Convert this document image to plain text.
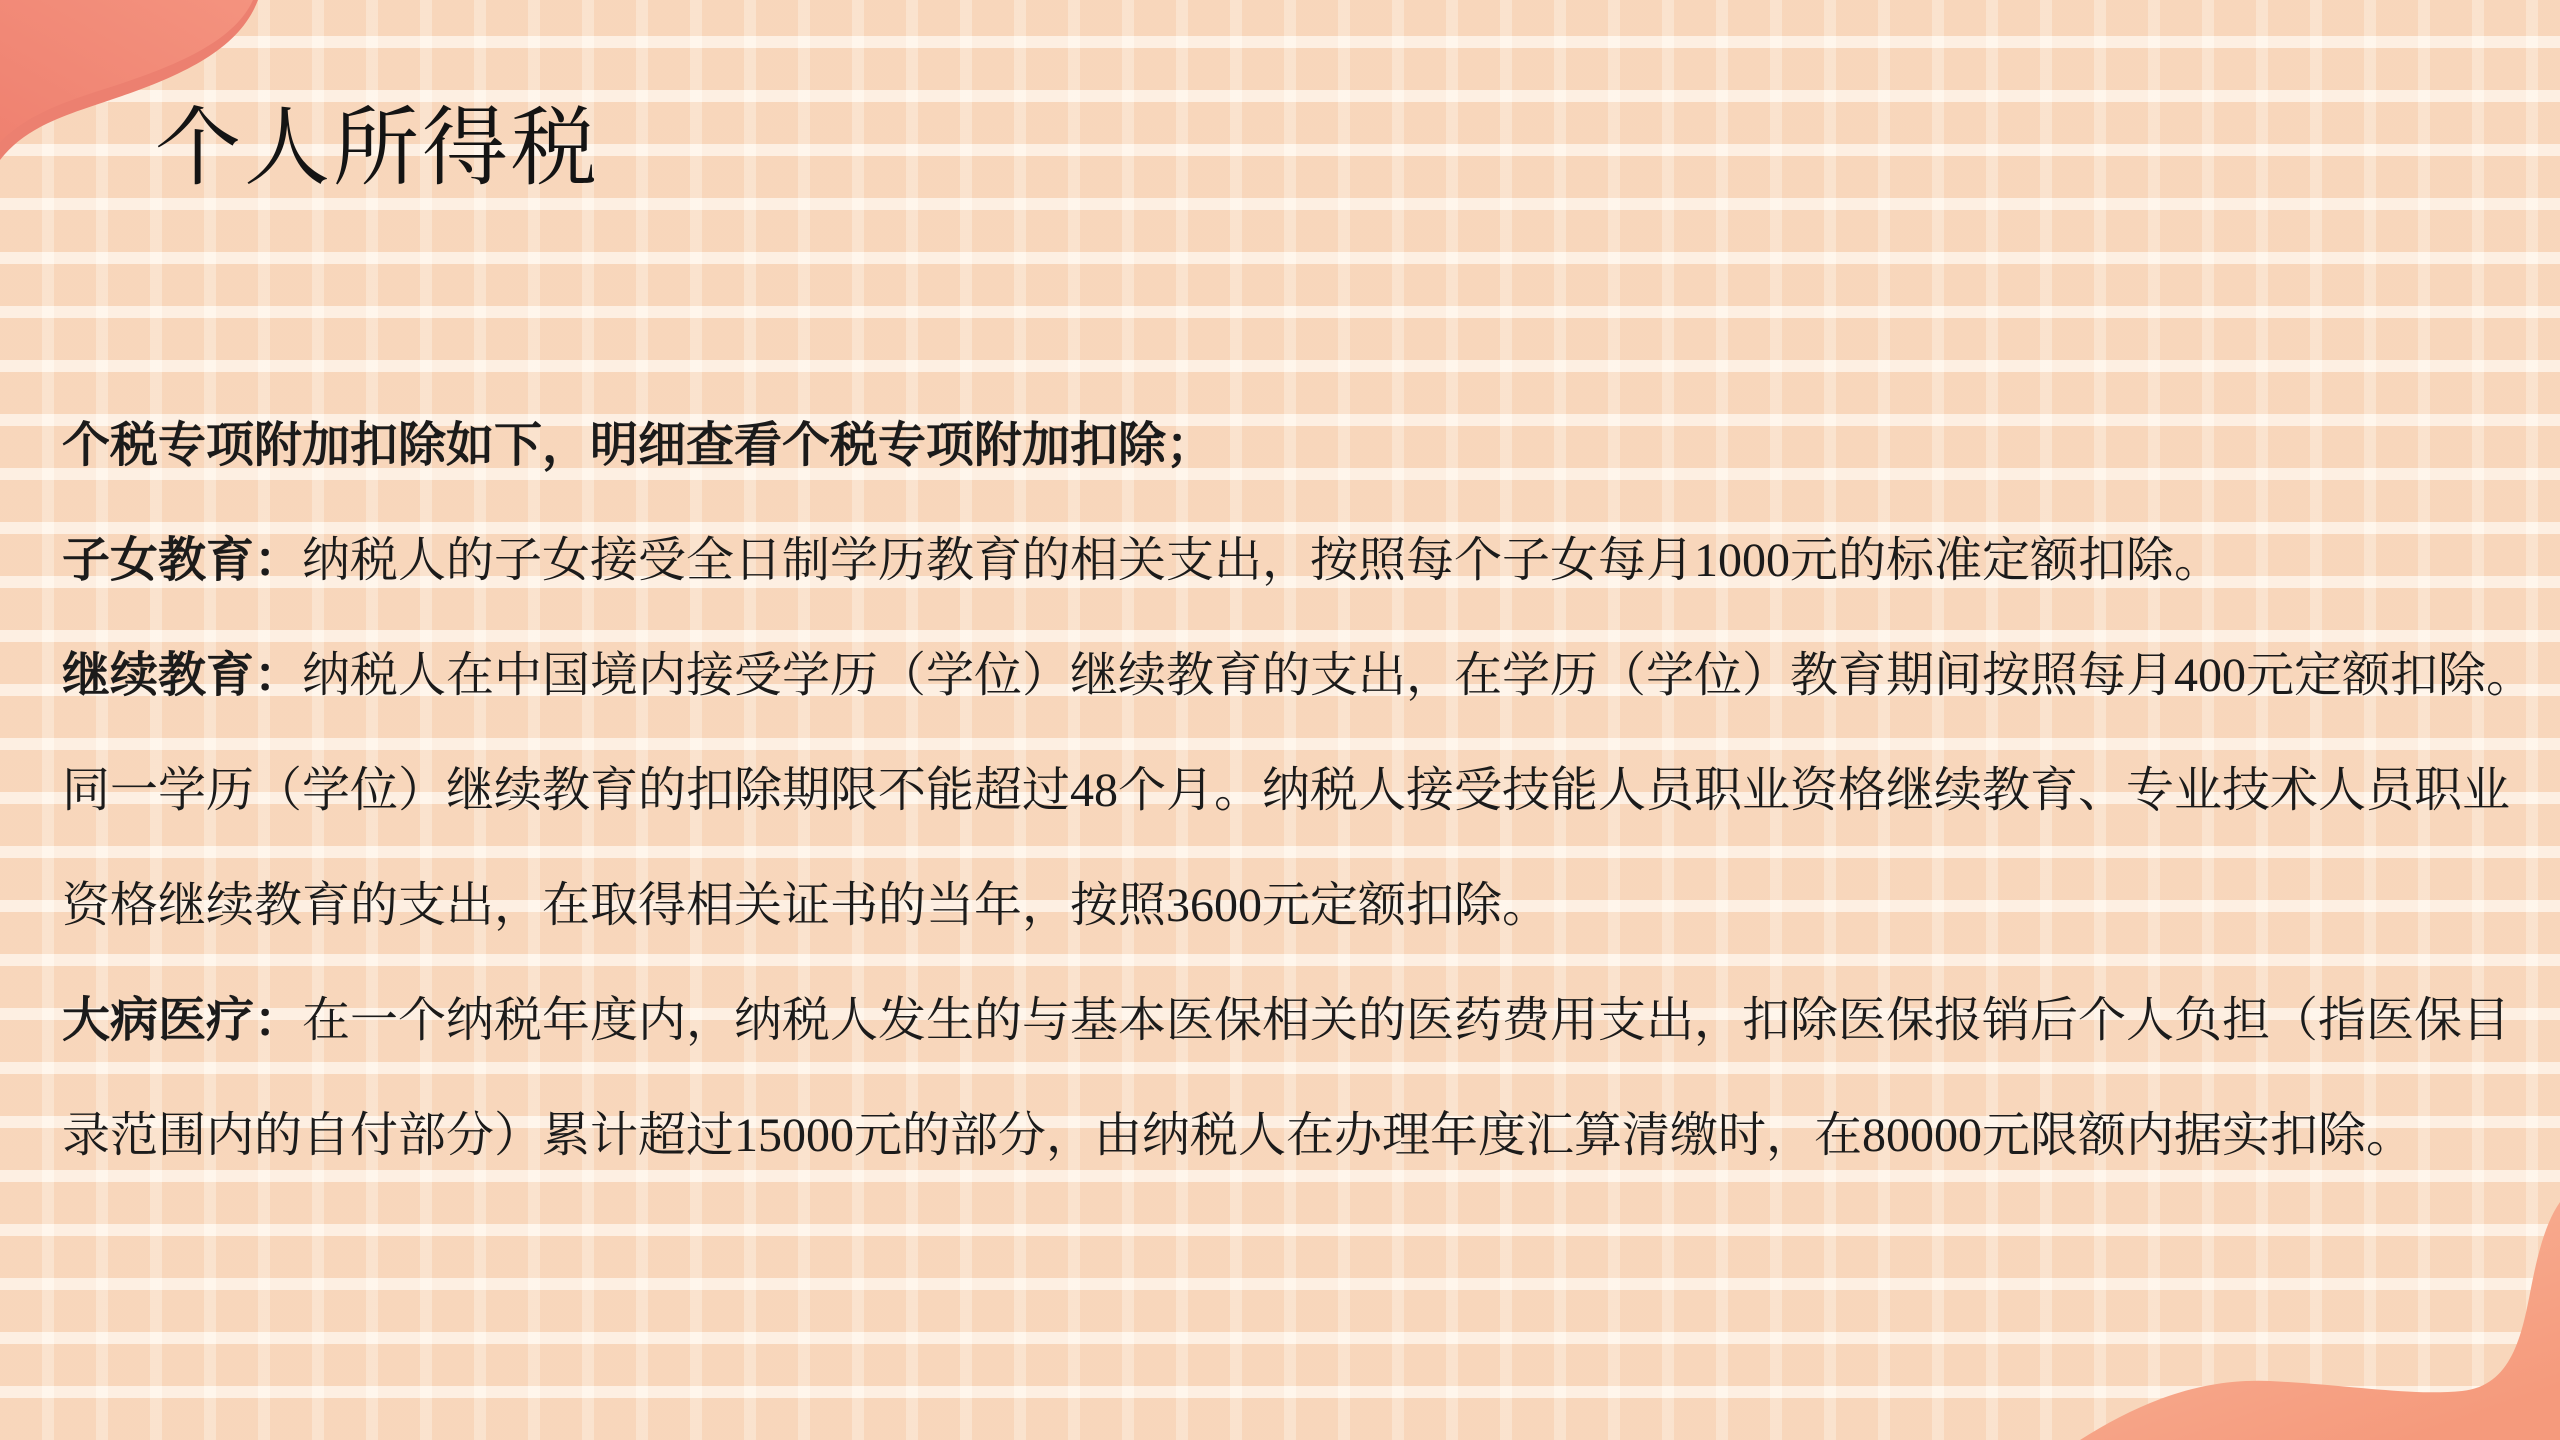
个人所得税
个税专项附加扣除如下，明细查看个税专项附加扣除；
子女教育：纳税人的子女接受全日制学历教育的相关支出，按照每个子女每月1000元的标准定额扣除。
继续教育：纳税人在中国境内接受学历（学位）继续教育的支出，在学历（学位）教育期间按照每月400元定额扣除。
同一学历（学位）继续教育的扣除期限不能超过48个月。纳税人接受技能人员职业资格继续教育、专业技术人员职业
资格继续教育的支出，在取得相关证书的当年，按照3600元定额扣除。
大病医疗：在一个纳税年度内，纳税人发生的与基本医保相关的医药费用支出，扣除医保报销后个人负担（指医保目
录范围内的自付部分）累计超过15000元的部分，由纳税人在办理年度汇算清缴时，在80000元限额内据实扣除。
